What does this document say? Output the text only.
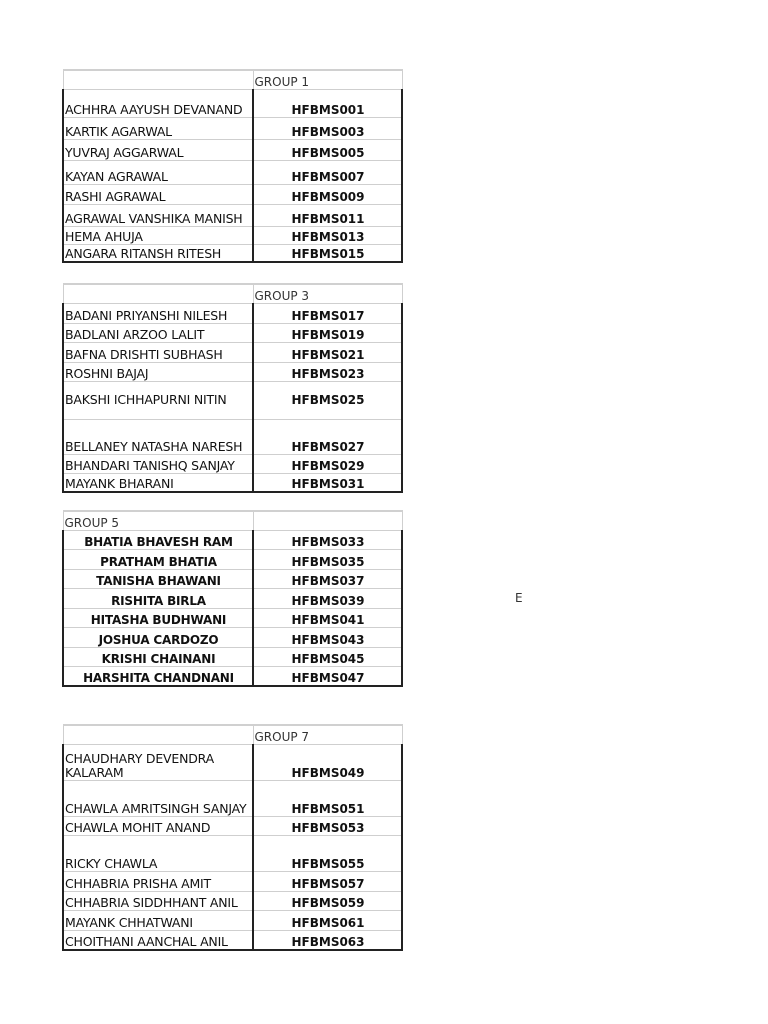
	GROUP 1
ACHHRA AAYUSH DEVANAND	HFBMS001
KARTIK AGARWAL	HFBMS003
YUVRAJ AGGARWAL	HFBMS005
KAYAN AGRAWAL	HFBMS007
RASHI AGRAWAL	HFBMS009
AGRAWAL VANSHIKA MANISH	HFBMS011
HEMA AHUJA	HFBMS013
ANGARA RITANSH RITESH	HFBMS015
	GROUP 3
BADANI PRIYANSHI NILESH	HFBMS017
BADLANI ARZOO LALIT	HFBMS019
BAFNA DRISHTI SUBHASH	HFBMS021
ROSHNI BAJAJ	HFBMS023
BAKSHI ICHHAPURNI NITIN	HFBMS025
BELLANEY NATASHA NARESH	HFBMS027
BHANDARI TANISHQ SANJAY	HFBMS029
MAYANK BHARANI	HFBMS031
GROUP 5	
BHATIA BHAVESH RAM	HFBMS033
PRATHAM BHATIA	HFBMS035
TANISHA BHAWANI	HFBMS037
RISHITA BIRLA	HFBMS039
HITASHA BUDHWANI	HFBMS041
JOSHUA CARDOZO	HFBMS043
KRISHI CHAINANI	HFBMS045
HARSHITA CHANDNANI	HFBMS047
E
	GROUP 7
CHAUDHARY DEVENDRA KALARAM	HFBMS049
CHAWLA AMRITSINGH SANJAY	HFBMS051
CHAWLA MOHIT ANAND	HFBMS053
RICKY CHAWLA	HFBMS055
CHHABRIA PRISHA AMIT	HFBMS057
CHHABRIA SIDDHHANT ANIL	HFBMS059
MAYANK CHHATWANI	HFBMS061
CHOITHANI AANCHAL ANIL	HFBMS063
